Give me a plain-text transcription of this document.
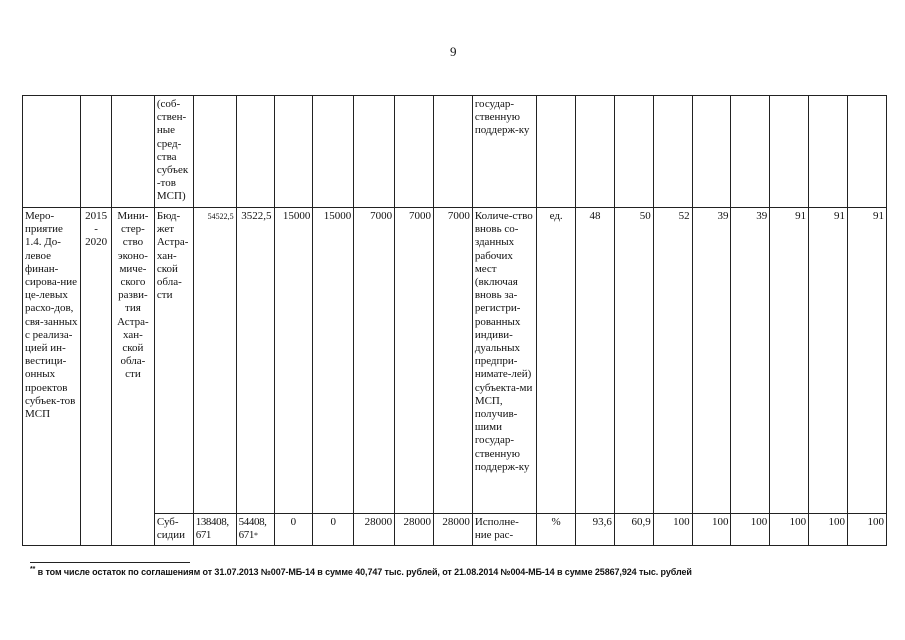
9
			(соб-ствен-ные сред-ства субъек-тов МСП)								государ-ственную поддерж-ку									
Меро-приятие 1.4. До-левое финан-сирова-ние це-левых расхо-дов, свя-занных с реализа-цией ин-вестици-онных проектов субъек-тов МСП	2015 - 2020	Мини-стер-ство эконо-миче-ского разви-тия Астра-хан-ской обла-сти	Бюд-жет Астра-хан-ской обла-сти	54522,5	3522,5	15000	15000	7000	7000	7000	Количе-ство вновь со-зданных рабочих мест (включая вновь за-регистри-рованных индиви-дуальных предпри-нимате-лей) субъекта-ми МСП, получив-шими государ-ственную поддерж-ку	ед.	48	50	52	39	39	91	91	91
			Суб-сидии	138408,671	54408,671*	0	0	28000	28000	28000	Исполне-ние рас-	%	93,6	60,9	100	100	100	100	100	100
** в том числе остаток по соглашениям от 31.07.2013 №007-МБ-14 в сумме 40,747 тыс. рублей, от 21.08.2014 №004-МБ-14 в сумме 25867,924 тыс. рублей
